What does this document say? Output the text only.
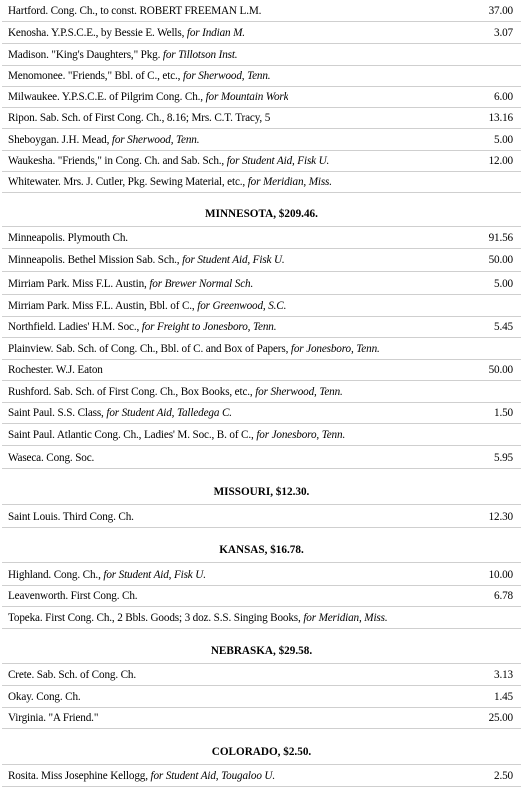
Hartford. Cong. Ch., to const. ROBERT FREEMAN L.M.	37.00
Kenosha. Y.P.S.C.E., by Bessie E. Wells, for Indian M.	3.07
Madison. "King's Daughters," Pkg. for Tillotson Inst.
Menomonee. "Friends," Bbl. of C., etc., for Sherwood, Tenn.
Milwaukee. Y.P.S.C.E. of Pilgrim Cong. Ch., for Mountain Work	6.00
Ripon. Sab. Sch. of First Cong. Ch., 8.16; Mrs. C.T. Tracy, 5	13.16
Sheboygan. J.H. Mead, for Sherwood, Tenn.	5.00
Waukesha. "Friends," in Cong. Ch. and Sab. Sch., for Student Aid, Fisk U.	12.00
Whitewater. Mrs. J. Cutler, Pkg. Sewing Material, etc., for Meridian, Miss.
MINNESOTA, $209.46.
Minneapolis. Plymouth Ch.	91.56
Minneapolis. Bethel Mission Sab. Sch., for Student Aid, Fisk U.	50.00
Mirriam Park. Miss F.L. Austin, for Brewer Normal Sch.	5.00
Mirriam Park. Miss F.L. Austin, Bbl. of C., for Greenwood, S.C.
Northfield. Ladies' H.M. Soc., for Freight to Jonesboro, Tenn.	5.45
Plainview. Sab. Sch. of Cong. Ch., Bbl. of C. and Box of Papers, for Jonesboro, Tenn.
Rochester. W.J. Eaton	50.00
Rushford. Sab. Sch. of First Cong. Ch., Box Books, etc., for Sherwood, Tenn.
Saint Paul. S.S. Class, for Student Aid, Talledega C.	1.50
Saint Paul. Atlantic Cong. Ch., Ladies' M. Soc., B. of C., for Jonesboro, Tenn.
Waseca. Cong. Soc.	5.95
MISSOURI, $12.30.
Saint Louis. Third Cong. Ch.	12.30
KANSAS, $16.78.
Highland. Cong. Ch., for Student Aid, Fisk U.	10.00
Leavenworth. First Cong. Ch.	6.78
Topeka. First Cong. Ch., 2 Bbls. Goods; 3 doz. S.S. Singing Books, for Meridian, Miss.
NEBRASKA, $29.58.
Crete. Sab. Sch. of Cong. Ch.	3.13
Okay. Cong. Ch.	1.45
Virginia. "A Friend."	25.00
COLORADO, $2.50.
Rosita. Miss Josephine Kellogg, for Student Aid, Tougaloo U.	2.50
